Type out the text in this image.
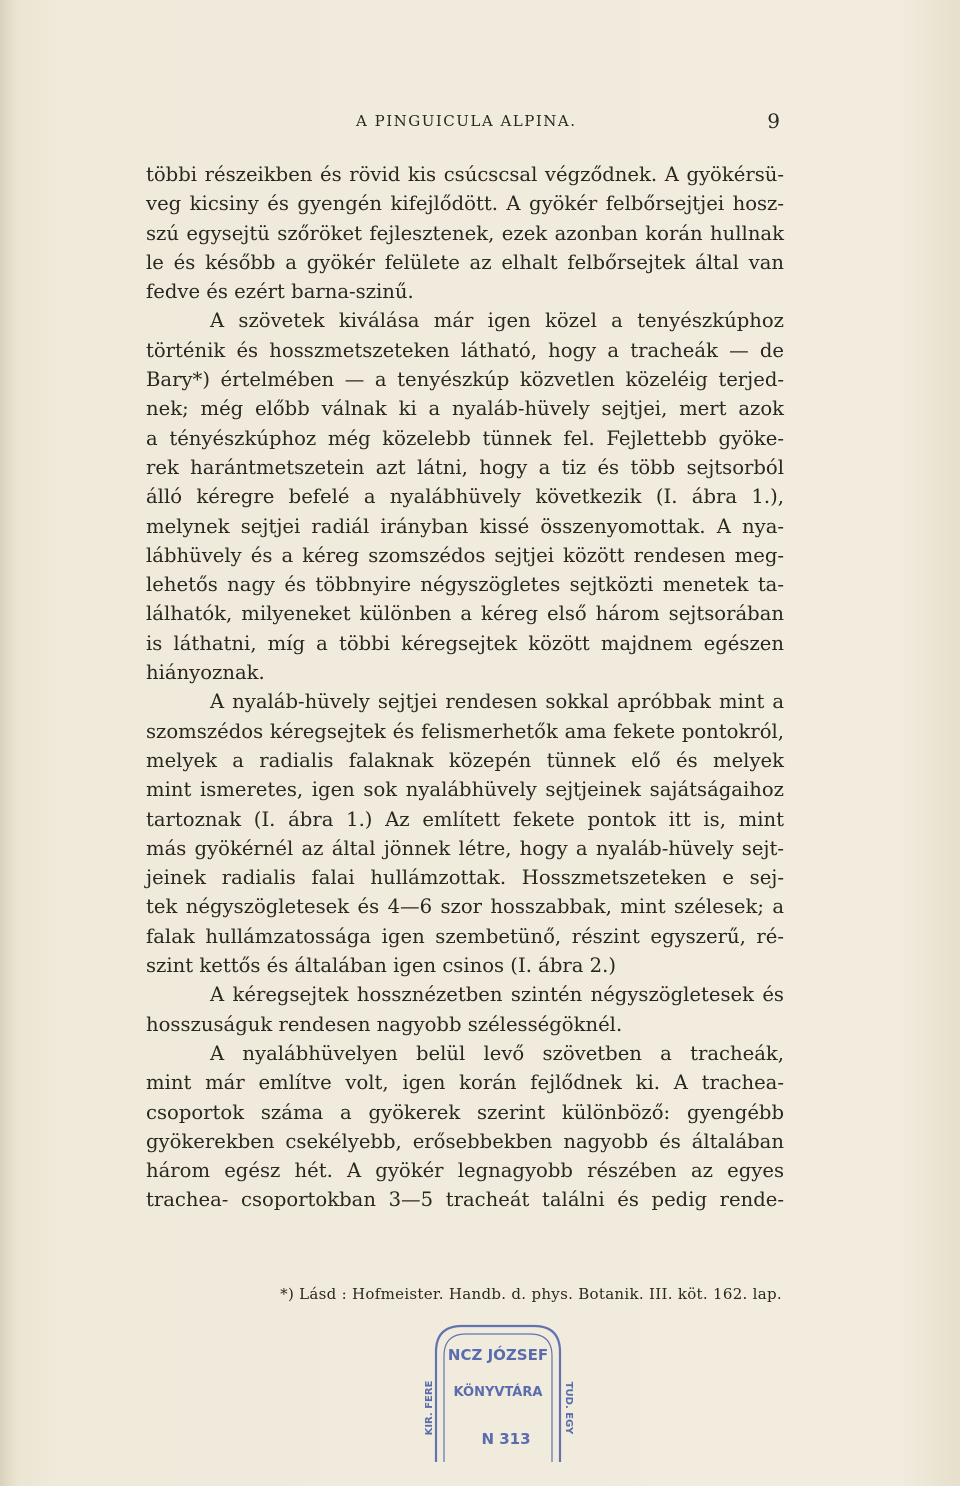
A PINGUICULA ALPINA.	9
többi részeikben és rövid kis csúcscsal végződnek. A gyökérsü-
veg kicsiny és gyengén kifejlődött. A gyökér felbőrsejtjei hosz-
szú egysejtü szőröket fejlesztenek, ezek azonban korán hullnak
le és később a gyökér felülete az elhalt felbőrsejtek által van
fedve és ezért barna-szinű.
A szövetek kiválása már igen közel a tenyészkúphoz
történik és hosszmetszeteken látható, hogy a tracheák — de
Bary*) értelmében — a tenyészkúp közvetlen közeléig terjed-
nek; még előbb válnak ki a nyaláb-hüvely sejtjei, mert azok
a tényészkúphoz még közelebb tünnek fel. Fejlettebb gyöke-
rek harántmetszetein azt látni, hogy a tiz és több sejtsorból
álló kéregre befelé a nyalábhüvely következik (I. ábra 1.),
melynek sejtjei radiál irányban kissé összenyomottak. A nya-
lábhüvely és a kéreg szomszédos sejtjei között rendesen meg-
lehetős nagy és többnyire négyszögletes sejtközti menetek ta-
lálhatók, milyeneket különben a kéreg első három sejtsorában
is láthatni, míg a többi kéregsejtek között majdnem egészen
hiányoznak.
A nyaláb-hüvely sejtjei rendesen sokkal apróbbak mint a
szomszédos kéregsejtek és felismerhetők ama fekete pontokról,
melyek a radialis falaknak közepén tünnek elő és melyek
mint ismeretes, igen sok nyalábhüvely sejtjeinek sajátságaihoz
tartoznak (I. ábra 1.) Az említett fekete pontok itt is, mint
más gyökérnél az által jönnek létre, hogy a nyaláb-hüvely sejt-
jeinek radialis falai hullámzottak. Hosszmetszeteken e sej-
tek négyszögletesek és 4—6 szor hosszabbak, mint szélesek; a
falak hullámzatossága igen szembetünő, részint egyszerű, ré-
szint kettős és általában igen csinos (I. ábra 2.)
A kéregsejtek hossznézetben szintén négyszögletesek és
hosszuságuk rendesen nagyobb szélességöknél.
A nyalábhüvelyen belül levő szövetben a tracheák,
mint már említve volt, igen korán fejlődnek ki. A trachea-
csoportok száma a gyökerek szerint különböző: gyengébb
gyökerekben csekélyebb, erősebbekben nagyobb és általában
három egész hét. A gyökér legnagyobb részében az egyes
trachea- csoportokban 3—5 tracheát találni és pedig rende-
*) Lásd : Hofmeister. Handb. d. phys. Botanik. III. köt. 162. lap.
NCZ JÓZSEF
KÖNYVTÁRA
N 313
KIR. FERE	TUD. EGY
